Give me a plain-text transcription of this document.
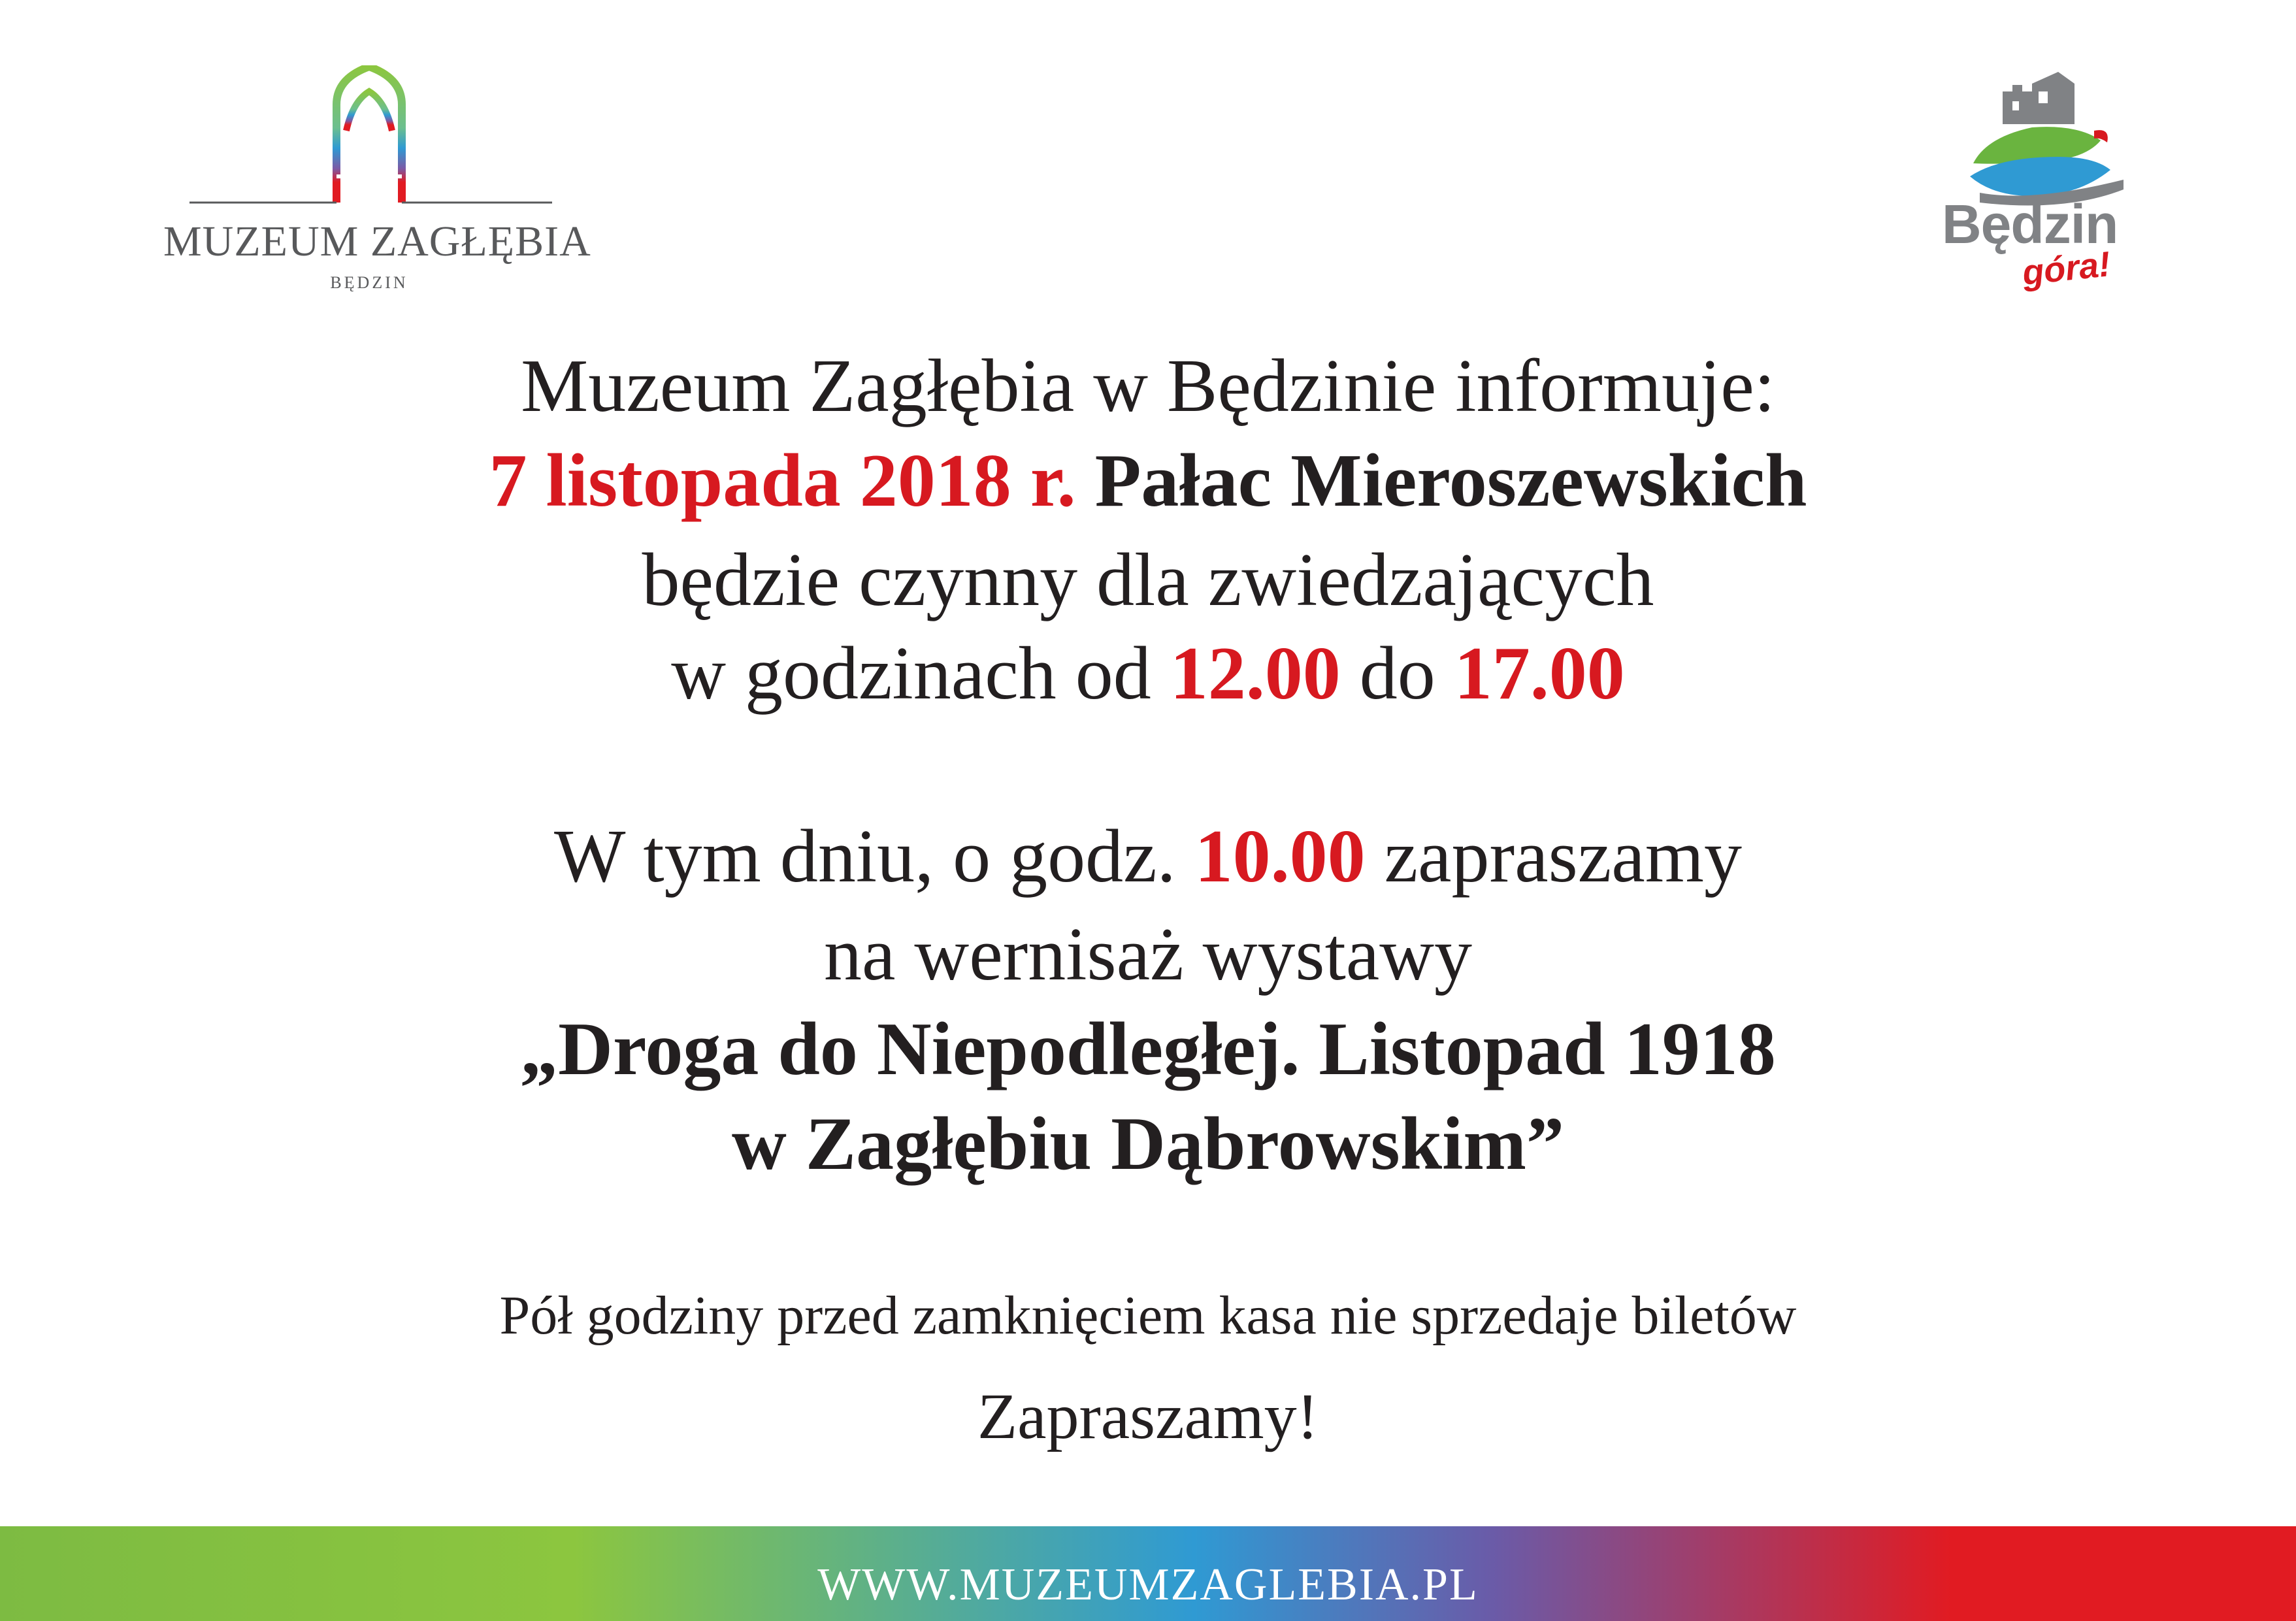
MUZEUM ZAGŁĘBIA
BĘDZIN
Będzin
góra!
Muzeum Zagłębia w Będzinie informuje:
7 listopada 2018 r. Pałac Mieroszewskich
będzie czynny dla zwiedzających
w godzinach od 12.00 do 17.00
W tym dniu, o godz. 10.00 zapraszamy
na wernisaż wystawy
„Droga do Niepodległej. Listopad 1918
w Zagłębiu Dąbrowskim”
Pół godziny przed zamknięciem kasa nie sprzedaje biletów
Zapraszamy!
WWW.MUZEUMZAGLEBIA.PL
